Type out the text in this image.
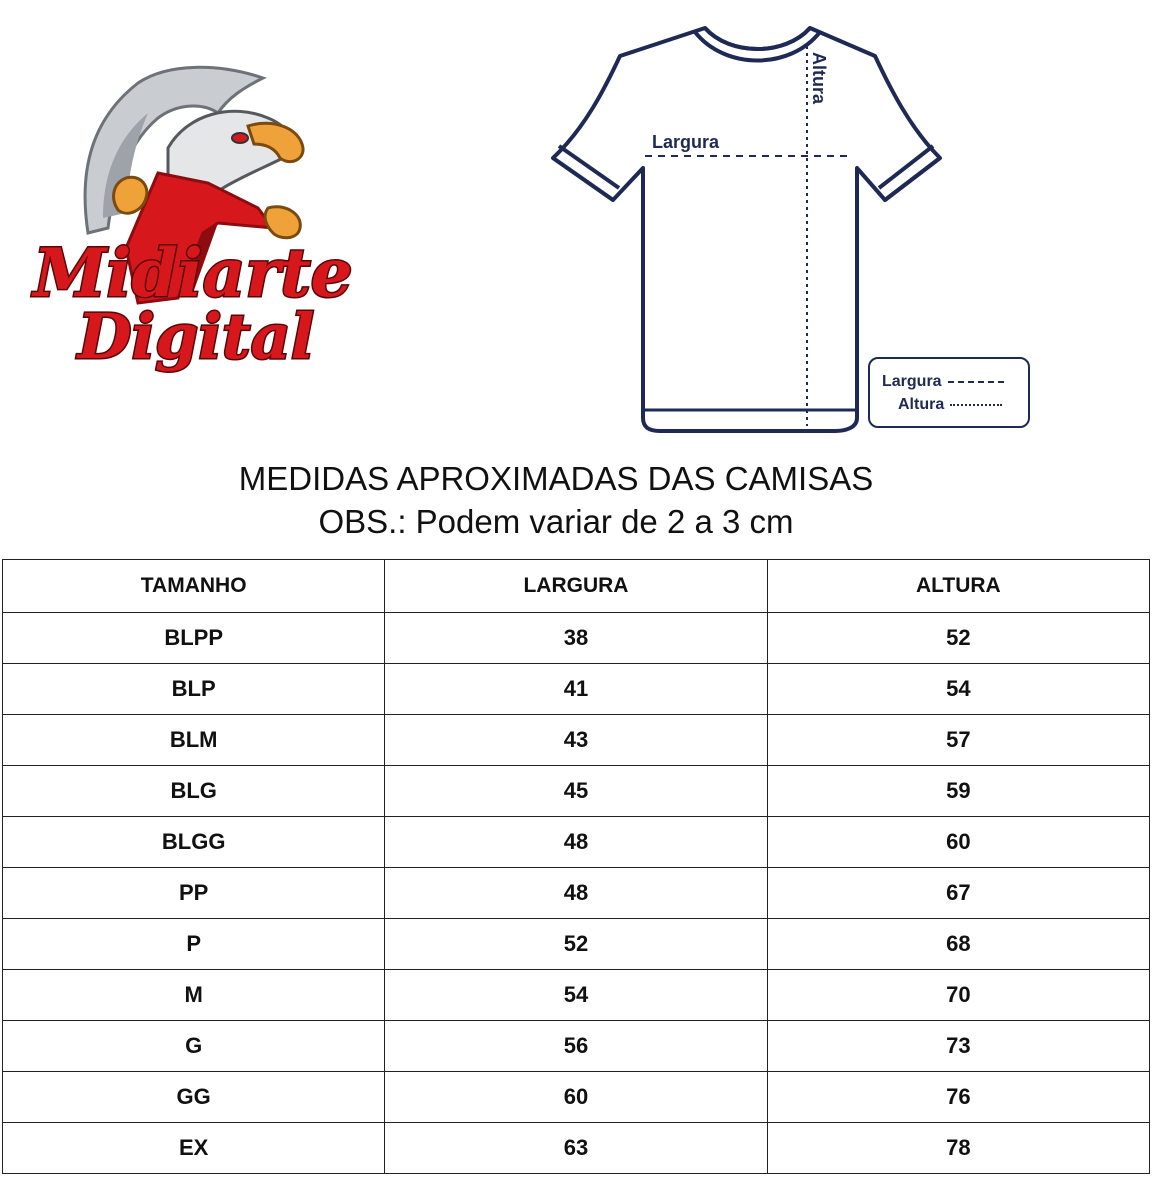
Midiarte
Digital
Largura
Altura
Largura
Altura
MEDIDAS APROXIMADAS DAS CAMISAS
OBS.: Podem variar de 2 a 3 cm
TAMANHO	LARGURA	ALTURA
BLPP	38	52
BLP	41	54
BLM	43	57
BLG	45	59
BLGG	48	60
PP	48	67
P	52	68
M	54	70
G	56	73
GG	60	76
EX	63	78
